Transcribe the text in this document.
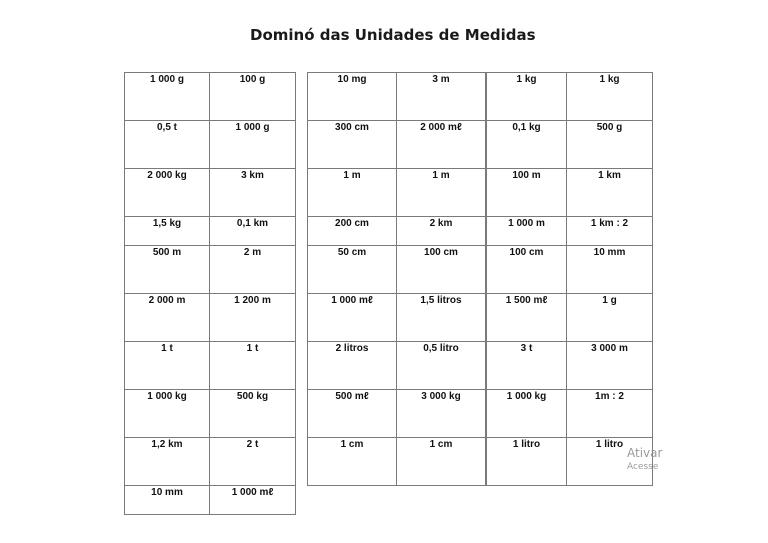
Dominó das Unidades de Medidas
1 000 g	100 g
0,5 t	1 000 g
2 000 kg	3 km
1,5 kg	0,1 km
500 m	2 m
2 000 m	1 200 m
1 t	1 t
1 000 kg	500 kg
1,2 km	2 t
10 mm	1 000 mℓ
10 mg	3 m
300 cm	2 000 mℓ
1 m	1 m
200 cm	2 km
50 cm	100 cm
1 000 mℓ	1,5 litros
2 litros	0,5 litro
500 mℓ	3 000 kg
1 cm	1 cm
1 kg	1 kg
0,1 kg	500 g
100 m	1 km
1 000 m	1 km : 2
100 cm	10 mm
1 500 mℓ	1 g
3 t	3 000 m
1 000 kg	1m : 2
1 litro	1 litro
Ativar
Acesse
